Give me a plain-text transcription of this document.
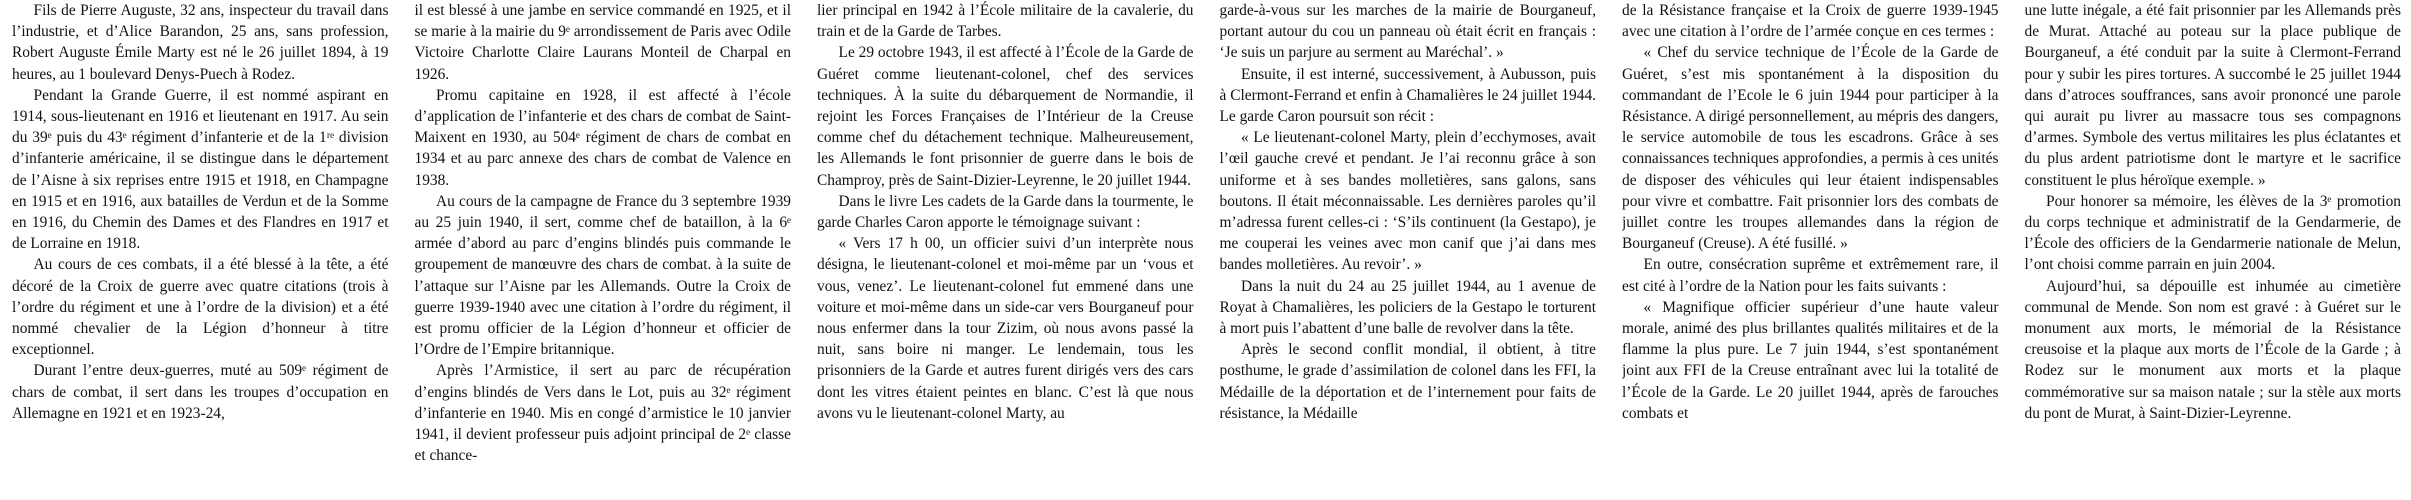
Fils de Pierre Auguste, 32 ans, inspecteur du travail dans l’industrie, et d’Alice Barandon, 25 ans, sans profession, Robert Auguste Émile Marty est né le 26 juillet 1894, à 19 heures, au 1 boulevard Denys-Puech à Rodez.

Pendant la Grande Guerre, il est nommé aspirant en 1914, sous-lieutenant en 1916 et lieutenant en 1917. Au sein du 39ᵉ puis du 43ᵉ régiment d’infanterie et de la 1ʳᵉ division d’infanterie américaine, il se distingue dans le département de l’Aisne à six reprises entre 1915 et 1918, en Champagne en 1915 et en 1916, aux batailles de Verdun et de la Somme en 1916, du Chemin des Dames et des Flandres en 1917 et de Lorraine en 1918.

Au cours de ces combats, il a été blessé à la tête, a été décoré de la Croix de guerre avec quatre citations (trois à l’ordre du régiment et une à l’ordre de la division) et a été nommé chevalier de la Légion d’honneur à titre exceptionnel.

Durant l’entre deux-guerres, muté au 509ᵉ régiment de chars de combat, il sert dans les troupes d’occupation en Allemagne en 1921 et en 1923-24,

il est blessé à une jambe en service commandé en 1925, et il se marie à la mairie du 9ᵉ arrondissement de Paris avec Odile Victoire Charlotte Claire Laurans Monteil de Charpal en 1926.

Promu capitaine en 1928, il est affecté à l’école d’application de l’infanterie et des chars de combat de Saint-Maixent en 1930, au 504ᵉ régiment de chars de combat en 1934 et au parc annexe des chars de combat de Valence en 1938.

Au cours de la campagne de France du 3 septembre 1939 au 25 juin 1940, il sert, comme chef de bataillon, à la 6ᵉ armée d’abord au parc d’engins blindés puis commande le groupement de manœuvre des chars de combat. à la suite de l’attaque sur l’Aisne par les Allemands. Outre la Croix de guerre 1939-1940 avec une citation à l’ordre du régiment, il est promu officier de la Légion d’honneur et officier de l’Ordre de l’Empire britannique.

Après l’Armistice, il sert au parc de récupération d’engins blindés de Vers dans le Lot, puis au 32ᵉ régiment d’infanterie en 1940. Mis en congé d’armistice le 10 janvier 1941, il devient professeur puis adjoint principal de 2ᵉ classe et chance-

lier principal en 1942 à l’École militaire de la cavalerie, du train et de la Garde de Tarbes.

Le 29 octobre 1943, il est affecté à l’École de la Garde de Guéret comme lieutenant-colonel, chef des services techniques. À la suite du débarquement de Normandie, il rejoint les Forces Françaises de l’Intérieur de la Creuse comme chef du détachement technique. Malheureusement, les Allemands le font prisonnier de guerre dans le bois de Champroy, près de Saint-Dizier-Leyrenne, le 20 juillet 1944.

Dans le livre Les cadets de la Garde dans la tourmente, le garde Charles Caron apporte le témoignage suivant :

« Vers 17 h 00, un officier suivi d’un interprète nous désigna, le lieutenant-colonel et moi-même par un ‘vous et vous, venez’. Le lieutenant-colonel fut emmené dans une voiture et moi-même dans un side-car vers Bourganeuf pour nous enfermer dans la tour Zizim, où nous avons passé la nuit, sans boire ni manger. Le lendemain, tous les prisonniers de la Garde et autres furent dirigés vers des cars dont les vitres étaient peintes en blanc. C’est là que nous avons vu le lieutenant-colonel Marty, au

garde-à-vous sur les marches de la mairie de Bourganeuf, portant autour du cou un panneau où était écrit en français : ‘Je suis un parjure au serment au Maréchal’. »

Ensuite, il est interné, successivement, à Aubusson, puis à Clermont-Ferrand et enfin à Chamalières le 24 juillet 1944. Le garde Caron poursuit son récit :

« Le lieutenant-colonel Marty, plein d’ecchymoses, avait l’œil gauche crevé et pendant. Je l’ai reconnu grâce à son uniforme et à ses bandes molletières, sans galons, sans boutons. Il était méconnaissable. Les dernières paroles qu’il m’adressa furent celles-ci : ‘S’ils continuent (la Gestapo), je me couperai les veines avec mon canif que j’ai dans mes bandes molletières. Au revoir’. »

Dans la nuit du 24 au 25 juillet 1944, au 1 avenue de Royat à Chamalières, les policiers de la Gestapo le torturent à mort puis l’abattent d’une balle de revolver dans la tête.

Après le second conflit mondial, il obtient, à titre posthume, le grade d’assimilation de colonel dans les FFI, la Médaille de la déportation et de l’internement pour faits de résistance, la Médaille

de la Résistance française et la Croix de guerre 1939-1945 avec une citation à l’ordre de l’armée conçue en ces termes :

« Chef du service technique de l’École de la Garde de Guéret, s’est mis spontanément à la disposition du commandant de l’Ecole le 6 juin 1944 pour participer à la Résistance. A dirigé personnellement, au mépris des dangers, le service automobile de tous les escadrons. Grâce à ses connaissances techniques approfondies, a permis à ces unités de disposer des véhicules qui leur étaient indispensables pour vivre et combattre. Fait prisonnier lors des combats de juillet contre les troupes allemandes dans la région de Bourganeuf (Creuse). A été fusillé. »

En outre, consécration suprême et extrêmement rare, il est cité à l’ordre de la Nation pour les faits suivants :

« Magnifique officier supérieur d’une haute valeur morale, animé des plus brillantes qualités militaires et de la flamme la plus pure. Le 7 juin 1944, s’est spontanément joint aux FFI de la Creuse entraînant avec lui la totalité de l’École de la Garde. Le 20 juillet 1944, après de farouches combats et

une lutte inégale, a été fait prisonnier par les Allemands près de Murat. Attaché au poteau sur la place publique de Bourganeuf, a été conduit par la suite à Clermont-Ferrand pour y subir les pires tortures. A succombé le 25 juillet 1944 dans d’atroces souffrances, sans avoir prononcé une parole qui aurait pu livrer au massacre tous ses compagnons d’armes. Symbole des vertus militaires les plus éclatantes et du plus ardent patriotisme dont le martyre et le sacrifice constituent le plus héroïque exemple. »

Pour honorer sa mémoire, les élèves de la 3ᵉ promotion du corps technique et administratif de la Gendarmerie, de l’École des officiers de la Gendarmerie nationale de Melun, l’ont choisi comme parrain en juin 2004.

Aujourd’hui, sa dépouille est inhumée au cimetière communal de Mende. Son nom est gravé : à Guéret sur le monument aux morts, le mémorial de la Résistance creusoise et la plaque aux morts de l’École de la Garde ; à Rodez sur le monument aux morts et la plaque commémorative sur sa maison natale ; sur la stèle aux morts du pont de Murat, à Saint-Dizier-Leyrenne.
